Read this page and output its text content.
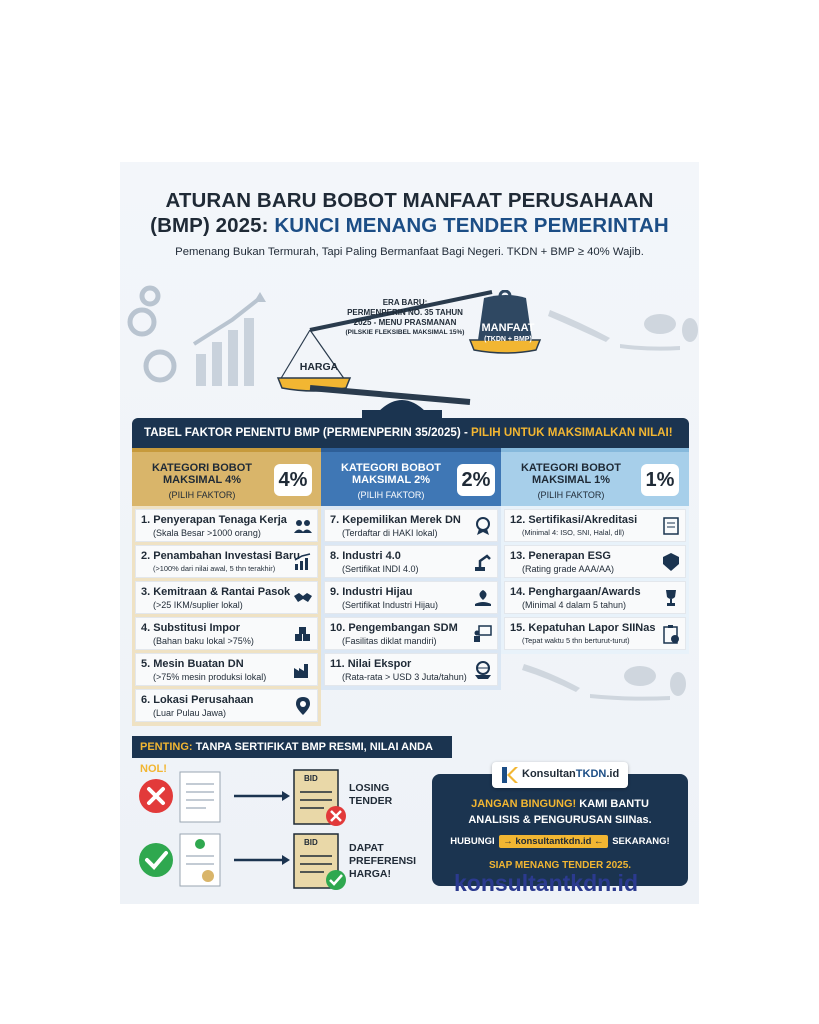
ATURAN BARU BOBOT MANFAAT PERUSAHAAN
(BMP) 2025: KUNCI MENANG TENDER PEMERINTAH
Pemenang Bukan Termurah, Tapi Paling Bermanfaat Bagi Negeri. TKDN + BMP ≥ 40% Wajib.
HARGA
MANFAAT
(TKDN + BMP)
ERA BARU:
PERMENPERIN NO. 35 TAHUN
2025 - MENU PRASMANAN
(PILSKIE FLEKSIBEL MAKSIMAL 15%)
TABEL FAKTOR PENENTU BMP (PERMENPERIN 35/2025) - PILIH UNTUK MAKSIMALKAN NILAI!
KATEGORI BOBOT
MAKSIMAL 4%
(PILIH FAKTOR)
4%
KATEGORI BOBOT
MAKSIMAL 2%
(PILIH FAKTOR)
2%
KATEGORI BOBOT
MAKSIMAL 1%
(PILIH FAKTOR)
1%
1. Penyerapan Tenaga Kerja
(Skala Besar >1000 orang)
2. Penambahan Investasi Baru
(>100% dari nilai awal, 5 thn terakhir)
3. Kemitraan & Rantai Pasok
(>25 IKM/suplier lokal)
4. Substitusi Impor
(Bahan baku lokal >75%)
5. Mesin Buatan DN
(>75% mesin produksi lokal)
6. Lokasi Perusahaan
(Luar Pulau Jawa)
7. Kepemilikan Merek DN
(Terdaftar di HAKI lokal)
8. Industri 4.0
(Sertifikat INDI 4.0)
9. Industri Hijau
(Sertifikat Industri Hijau)
10. Pengembangan SDM
(Fasilitas diklat mandiri)
11. Nilai Ekspor
(Rata-rata > USD 3 Juta/tahun)
12. Sertifikasi/Akreditasi
(Minimal 4: ISO, SNI, Halal, dll)
13. Penerapan ESG
(Rating grade AAA/AA)
14. Penghargaan/Awards
(Minimal 4 dalam 5 tahun)
15. Kepatuhan Lapor SIINas
(Tepat waktu 5 thn berturut-turut)
PENTING: TANPA SERTIFIKAT BMP RESMI, NILAI ANDA NOL!
BID
BID
LOSING
TENDER
DAPAT
PREFERENSI
HARGA!
KonsultanTKDN.id
JANGAN BINGUNG! KAMI BANTU
ANALISIS & PENGURUSAN SIINas.
HUBUNGI → konsultantkdn.id ← SEKARANG!
SIAP MENANG TENDER 2025.
konsultantkdn.id
